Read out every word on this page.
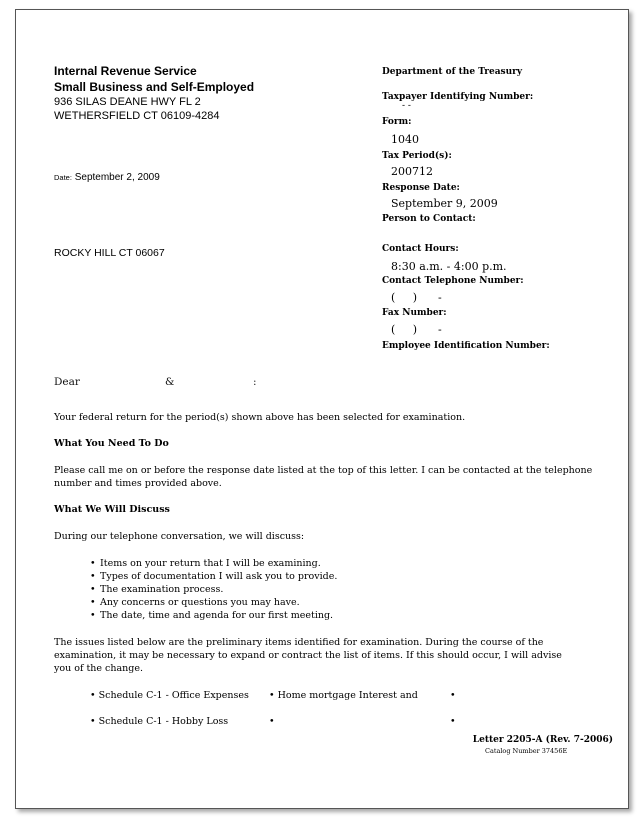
Internal Revenue Service
Small Business and Self-Employed
936 SILAS DEANE HWY FL 2
WETHERSFIELD CT 06109-4284
Date: September 2, 2009
ROCKY HILL CT 06067
Department of the Treasury
Taxpayer Identifying Number:
- -
Form:
1040
Tax Period(s):
200712
Response Date:
September 9, 2009
Person to Contact:
Contact Hours:
8:30 a.m. - 4:00 p.m.
Contact Telephone Number:
(     )      -
Fax Number:
(     )      -
Employee Identification Number:
Dear	&	:
Your federal return for the period(s) shown above has been selected for examination.
What You Need To Do
Please call me on or before the response date listed at the top of this letter. I can be contacted at the telephone
number and times provided above.
What We Will Discuss
During our telephone conversation, we will discuss:
• Items on your return that I will be examining.
• Types of documentation I will ask you to provide.
• The examination process.
• Any concerns or questions you may have.
• The date, time and agenda for our first meeting.
The issues listed below are the preliminary items identified for examination. During the course of the
examination, it may be necessary to expand or contract the list of items. If this should occur, I will advise
you of the change.
• Schedule C-1 - Office Expenses • Home mortgage Interest and	•
• Schedule C-1 - Hobby Loss	•	•
Letter 2205-A (Rev. 7-2006)
Catalog Number 37456E
